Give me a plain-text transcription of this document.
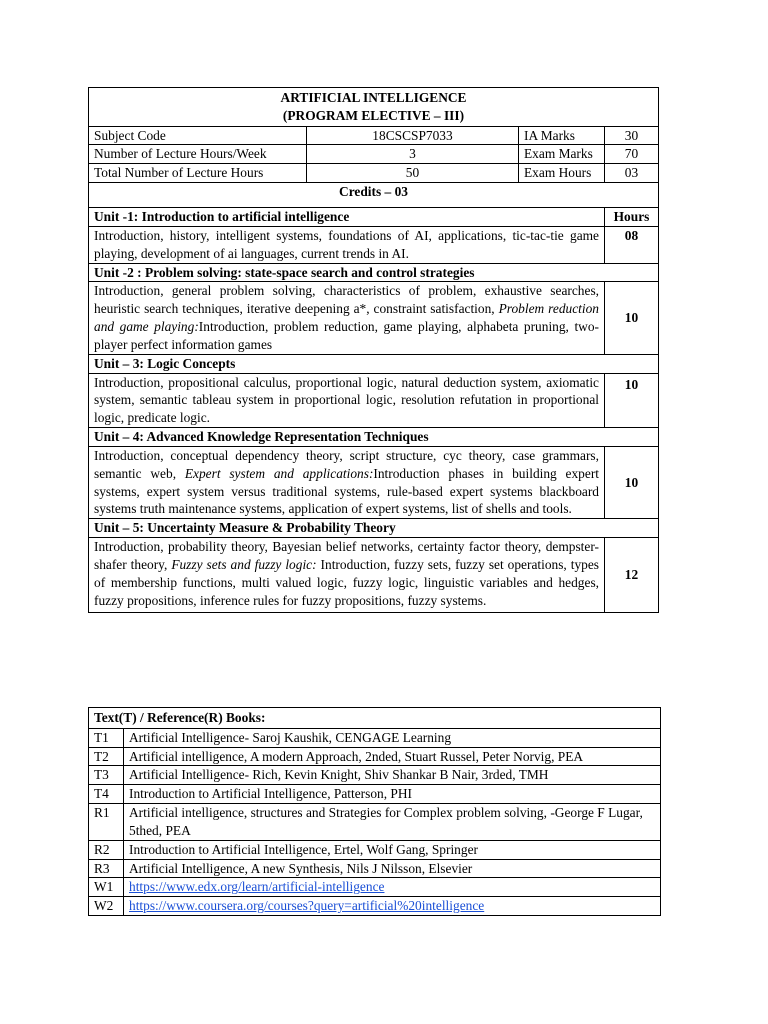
ARTIFICIAL INTELLIGENCE
(PROGRAM ELECTIVE – III)			

Subject Code	18CSCSP7033	IA Marks	30
Number of Lecture Hours/Week	3	Exam Marks	70
Total Number of Lecture Hours	50	Exam Hours	03
Credits – 03			
Unit -1: Introduction to artificial intelligence			Hours
Introduction, history, intelligent systems, foundations of AI, applications, tic-tac-tie game playing, development of ai languages, current trends in AI.			08
Unit -2 : Problem solving: state-space search and control strategies			
Introduction, general problem solving, characteristics of problem, exhaustive searches, heuristic search techniques, iterative deepening a*, constraint satisfaction, Problem reduction and game playing:Introduction, problem reduction, game playing, alphabeta pruning, two-player perfect information games			10
Unit – 3: Logic Concepts			
Introduction, propositional calculus, proportional logic, natural deduction system, axiomatic system, semantic tableau system in proportional logic, resolution refutation in proportional logic, predicate logic.			10
Unit – 4: Advanced Knowledge Representation Techniques			
Introduction, conceptual dependency theory, script structure, cyc theory, case grammars, semantic web, Expert system and applications:Introduction phases in building expert systems, expert system versus traditional systems, rule-based expert systems blackboard systems truth maintenance systems, application of expert systems, list of shells and tools.			10
Unit – 5: Uncertainty Measure & Probability Theory			
Introduction, probability theory, Bayesian belief networks, certainty factor theory, dempster-shafer theory, Fuzzy sets and fuzzy logic: Introduction, fuzzy sets, fuzzy set operations, types of membership functions, multi valued logic, fuzzy logic, linguistic variables and hedges, fuzzy propositions, inference rules for fuzzy propositions, fuzzy systems.			12
Text(T) / Reference(R) Books:	
T1	Artificial Intelligence- Saroj Kaushik, CENGAGE Learning
T2	Artificial intelligence, A modern Approach, 2nded, Stuart Russel, Peter Norvig, PEA
T3	Artificial Intelligence- Rich, Kevin Knight, Shiv Shankar B Nair, 3rded, TMH
T4	Introduction to Artificial Intelligence, Patterson, PHI
R1	Artificial intelligence, structures and Strategies for Complex problem solving, -George F Lugar, 5thed, PEA
R2	Introduction to Artificial Intelligence, Ertel, Wolf Gang, Springer
R3	Artificial Intelligence, A new Synthesis, Nils J Nilsson, Elsevier
W1	https://www.edx.org/learn/artificial-intelligence
W2	https://www.coursera.org/courses?query=artificial%20intelligence
